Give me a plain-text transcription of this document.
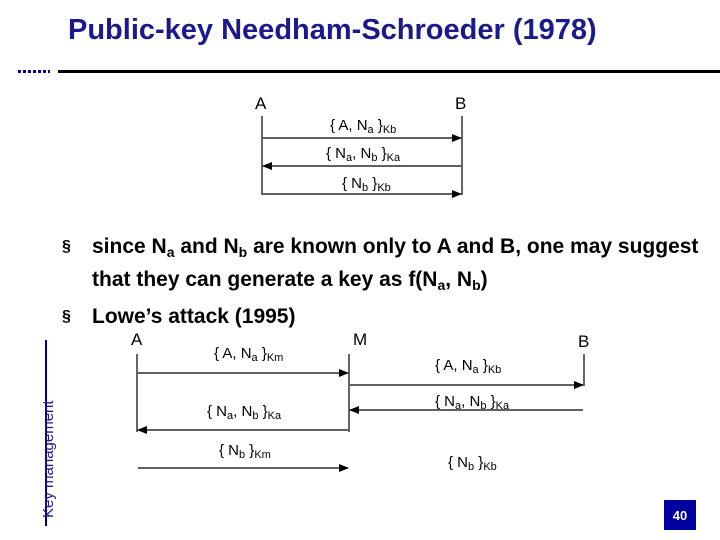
Public-key Needham-Schroeder (1978)
Key management
A	B
{ A, $N_a$ }$_{Kb}$
{ $N_a$, $N_b$ }$_{Ka}$
{ $N_b$ }$_{Kb}$
§ since $N_a$ and $N_b$ are known only to A and B, one may suggest that they can generate a key as $f(N_a$, $N_b$)
§ Lowe’s attack (1995)
A	M	B
{ A, $N_a$ }$_{Km}$
{ $N_a$, $N_b$ }$_{Ka}$
{ $N_b$ }$_{Km}$
{ A, $N_a$ }$_{Kb}$
{ $N_a$, $N_b$ }$_{Ka}$
{ $N_b$ }$_{Kb}$
40
